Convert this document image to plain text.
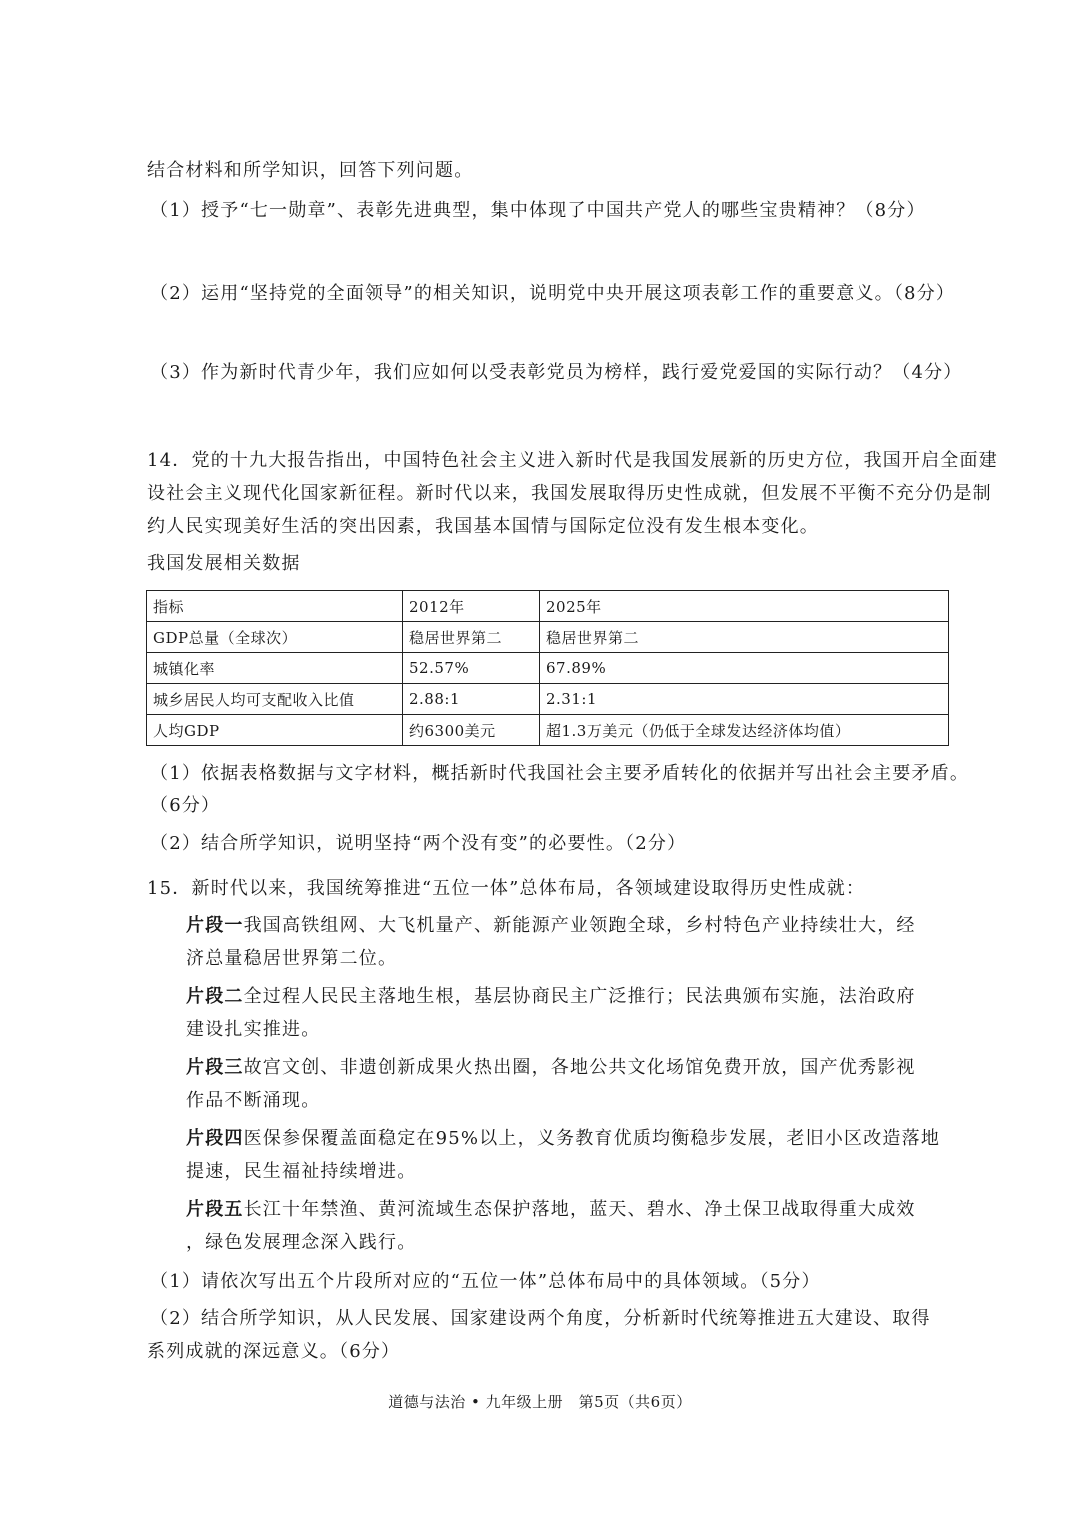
结合材料和所学知识，回答下列问题。
（1）授予“七一勋章”、表彰先进典型，集中体现了中国共产党人的哪些宝贵精神？（8分）
（2）运用“坚持党的全面领导”的相关知识，说明党中央开展这项表彰工作的重要意义。（8分）
（3）作为新时代青少年，我们应如何以受表彰党员为榜样，践行爱党爱国的实际行动？（4分）
14．党的十九大报告指出，中国特色社会主义进入新时代是我国发展新的历史方位，我国开启全面建
设社会主义现代化国家新征程。新时代以来，我国发展取得历史性成就，但发展不平衡不充分仍是制
约人民实现美好生活的突出因素，我国基本国情与国际定位没有发生根本变化。
我国发展相关数据
指标	2012年	2025年
GDP总量（全球次）	稳居世界第二	稳居世界第二
城镇化率	52.57%	67.89%
城乡居民人均可支配收入比值	2.88:1	2.31:1
人均GDP	约6300美元	超1.3万美元（仍低于全球发达经济体均值）
（1）依据表格数据与文字材料，概括新时代我国社会主要矛盾转化的依据并写出社会主要矛盾。
（6分）
（2）结合所学知识，说明坚持“两个没有变”的必要性。（2分）
15．新时代以来，我国统筹推进“五位一体”总体布局，各领域建设取得历史性成就：
片段一我国高铁组网、大飞机量产、新能源产业领跑全球，乡村特色产业持续壮大，经
济总量稳居世界第二位。
片段二全过程人民民主落地生根，基层协商民主广泛推行；民法典颁布实施，法治政府
建设扎实推进。
片段三故宫文创、非遗创新成果火热出圈，各地公共文化场馆免费开放，国产优秀影视
作品不断涌现。
片段四医保参保覆盖面稳定在95%以上，义务教育优质均衡稳步发展，老旧小区改造落地
提速，民生福祉持续增进。
片段五长江十年禁渔、黄河流域生态保护落地，蓝天、碧水、净土保卫战取得重大成效
，绿色发展理念深入践行。
（1）请依次写出五个片段所对应的“五位一体”总体布局中的具体领域。（5分）
（2）结合所学知识，从人民发展、国家建设两个角度，分析新时代统筹推进五大建设、取得
系列成就的深远意义。（6分）
道德与法治 • 九年级上册　第5页（共6页）
